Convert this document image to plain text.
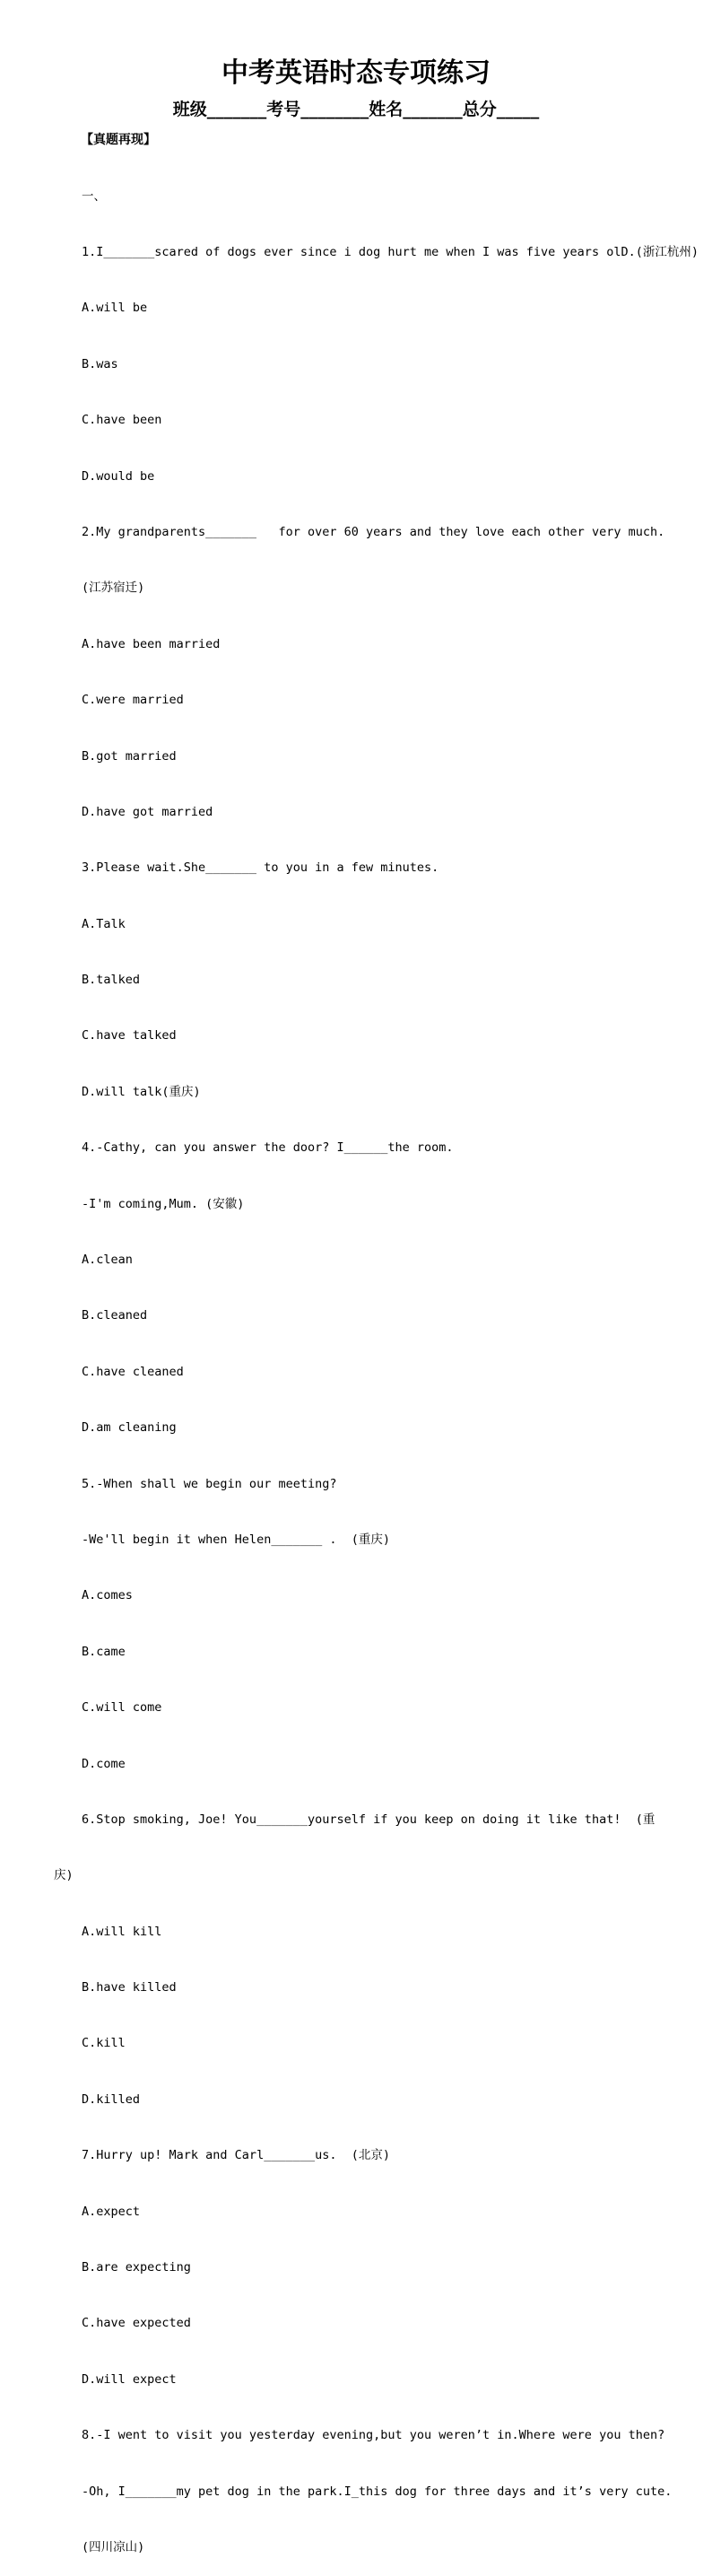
中考英语时态专项练习
班级_______考号________姓名_______总分_____
【真题再现】

一、

1.I_______scared of dogs ever since i dog hurt me when I was five years olD.(浙江杭州)

A.will be

B.was

C.have been

D.would be

2.My grandparents_______   for over 60 years and they love each other very much.

(江苏宿迁)

A.have been married

C.were married

B.got married

D.have got married

3.Please wait.She_______ to you in a few minutes.

A.Talk

B.talked

C.have talked

D.will talk(重庆)

4.-Cathy, can you answer the door? I______the room.

-I'm coming,Mum. (安徽)

A.clean

B.cleaned

C.have cleaned

D.am cleaning

5.-When shall we begin our meeting?

-We'll begin it when Helen_______ .  (重庆)

A.comes

B.came

C.will come

D.come

6.Stop smoking, Joe! You_______yourself if you keep on doing it like that!  (重

庆)

A.will kill

B.have killed

C.kill

D.killed

7.Hurry up! Mark and Carl_______us.  (北京)

A.expect

B.are expecting

C.have expected

D.will expect

8.-I went to visit you yesterday evening,but you weren’t in.Where were you then?

-Oh, I_______my pet dog in the park.I_this dog for three days and it’s very cute.

(四川凉山)
